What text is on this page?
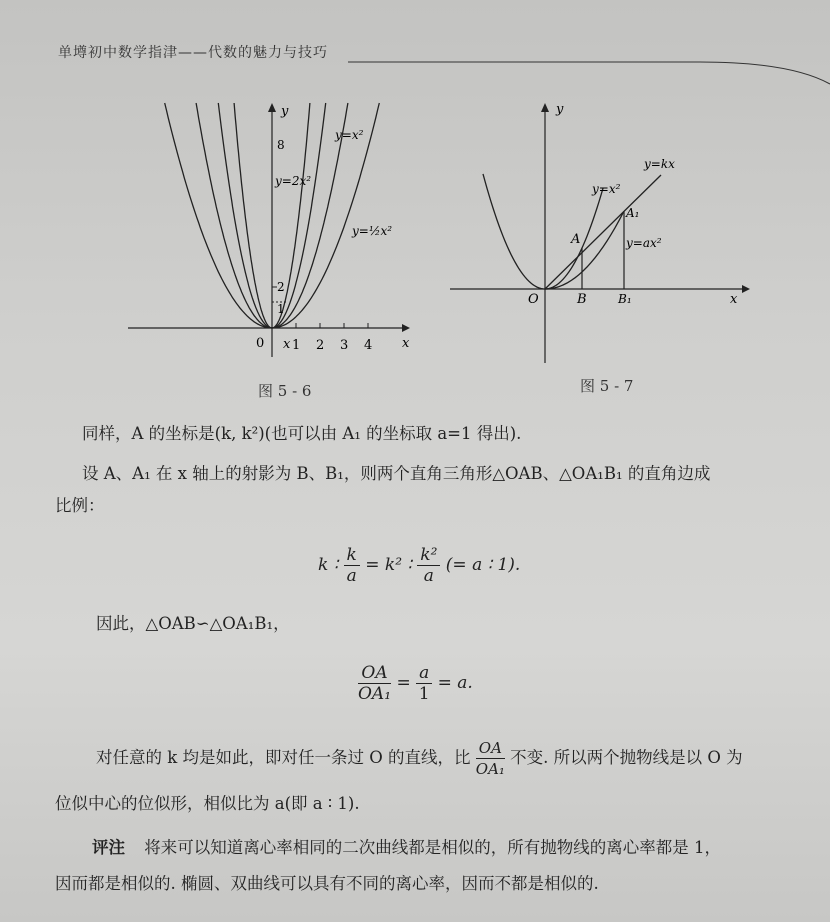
单墫初中数学指津——代数的魅力与技巧
x	x
y
0 1 2 3 4
1
2
8
y=x²
y=2x²
y=½x²
图 5 - 6
y
x
O
A
A₁
B	B₁
y=kx
y=x²
y=ax²
图 5 - 7
同样，A 的坐标是(k, k²)(也可以由 A₁ 的坐标取 a=1 得出).
设 A、A₁ 在 x 轴上的射影为 B、B₁，则两个直角三角形△OAB、△OA₁B₁ 的直角边成
比例：
k ∶ $\frac{k}{a} = k^2$ ∶ $\frac{\text{k²}}{a}$ (= a ∶ 1).
因此，△OAB∽△OA₁B₁，
$\frac{OA}{\text{OA₁}} = \frac{a}{1} = a$.
对任意的 k 均是如此，即对任一条过 O 的直线，比 $\frac{OA}{\text{OA₁}}$ 不变. 所以两个抛物线是以 O 为
位似中心的位似形，相似比为 a(即 a ∶ 1).
评注 将来可以知道离心率相同的二次曲线都是相似的，所有抛物线的离心率都是 1，
因而都是相似的. 椭圆、双曲线可以具有不同的离心率，因而不都是相似的.
